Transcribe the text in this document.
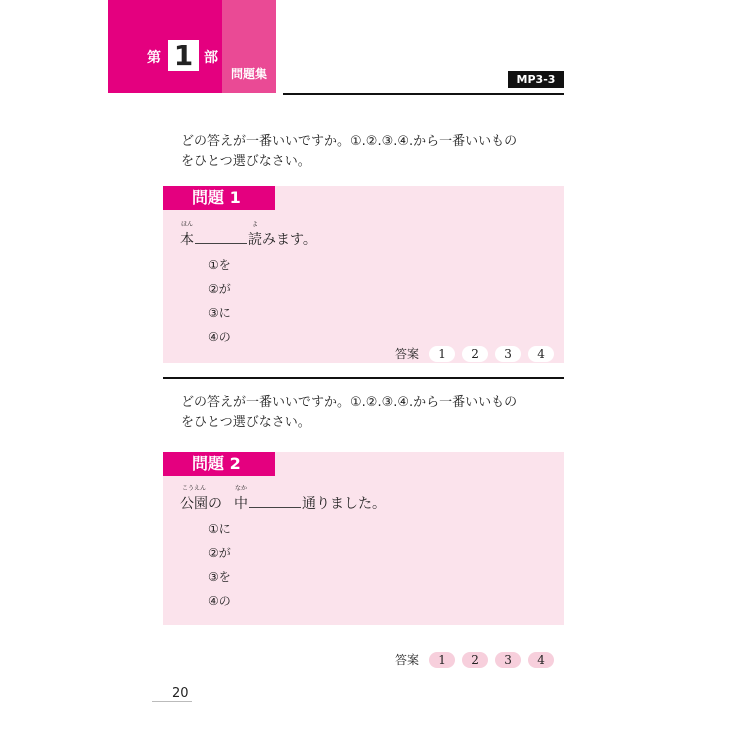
第 1 部
問題集	MP3-3
どの答えが一番いいですか。①.②.③.④.から一番いいもの
をひとつ選びなさい。
問題 1
ほん
本
よ
読みます。
①を
②が
③に
④の
答案 1 2 3 4
どの答えが一番いいですか。①.②.③.④.から一番いいもの
をひとつ選びなさい。
問題 2
こうえん
公園の
なか
中	通りました。
①に
②が
③を
④の
答案 1 2 3 4
20
